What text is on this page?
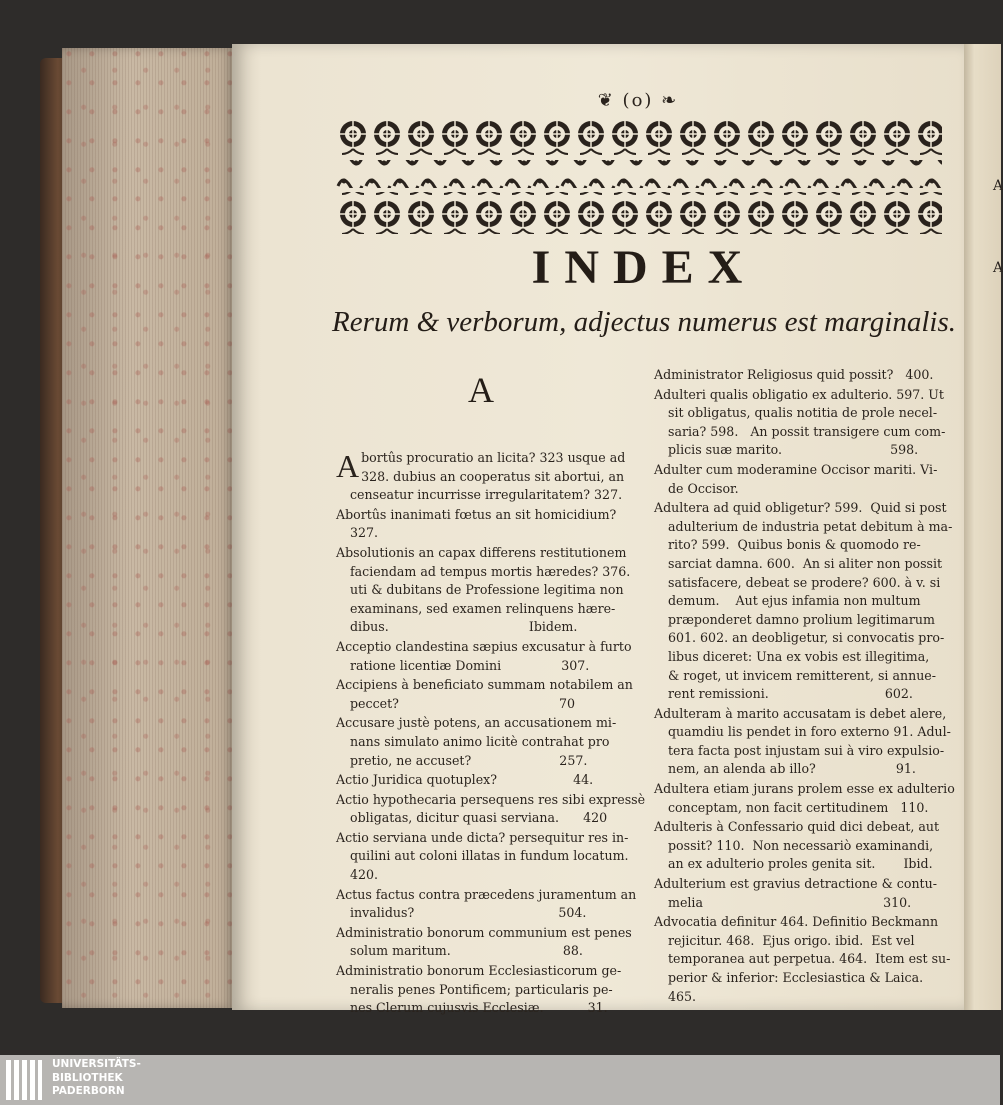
A
A
❦ (o) ❧
INDEX
Rerum & verborum, adjectus numerus est marginalis.
A
A bortûs procuratio an licita? 323 usque ad
328. dubius an cooperatus sit abortui, an
censeatur incurrisse irregularitatem? 327.
Abortûs inanimati fœtus an sit homicidium?
327.
Absolutionis an capax differens restitutionem
faciendam ad tempus mortis hæredes? 376.
uti & dubitans de Professione legitima non
examinans, sed examen relinquens hære-
dibus.                                   Ibidem.
Acceptio clandestina sæpius excusatur à furto
ratione licentiæ Domini               307.
Accipiens à beneficiato summam notabilem an
peccet?                                        70
Accusare justè potens, an accusationem mi-
nans simulato animo licitè contrahat pro
pretio, ne accuset?                      257.
Actio Juridica quotuplex?                   44.
Actio hypothecaria persequens res sibi expressè
obligatas, dicitur quasi serviana.      420
Actio serviana unde dicta? persequitur res in-
quilini aut coloni illatas in fundum locatum.
420.
Actus factus contra præcedens juramentum an
invalidus?                                    504.
Administratio bonorum communium est penes
solum maritum.                            88.
Administratio bonorum Ecclesiasticorum ge-
neralis penes Pontificem; particularis pe-
nes Clerum cujusvis Ecclesiæ.           31.
Administrator Religiosus quid possit?   400.
Adulteri qualis obligatio ex adulterio. 597. Ut
sit obligatus, qualis notitia de prole necel-
saria? 598.   An possit transigere cum com-
plicis suæ marito.                           598.
Adulter cum moderamine Occisor mariti. Vi-
de Occisor.
Adultera ad quid obligetur? 599.  Quid si post
adulterium de industria petat debitum à ma-
rito? 599.  Quibus bonis & quomodo re-
sarciat damna. 600.  An si aliter non possit
satisfacere, debeat se prodere? 600. à v. si
demum.    Aut ejus infamia non multum
præponderet damno prolium legitimarum
601. 602. an deobligetur, si convocatis pro-
libus diceret: Una ex vobis est illegitima,
& roget, ut invicem remitterent, si annue-
rent remissioni.                             602.
Adulteram à marito accusatam is debet alere,
quamdiu lis pendet in foro externo 91. Adul-
tera facta post injustam sui à viro expulsio-
nem, an alenda ab illo?                    91.
Adultera etiam jurans prolem esse ex adulterio
conceptam, non facit certitudinem   110.
Adulteris à Confessario quid dici debeat, aut
possit? 110.  Non necessariò examinandi,
an ex adulterio proles genita sit.       Ibid.
Adulterium est gravius detractione & contu-
melia                                             310.
Advocatia definitur 464. Definitio Beckmann
rejicitur. 468.  Ejus origo. ibid.  Est vel
temporanea aut perpetua. 464.  Item est su-
perior & inferior: Ecclesiastica & Laica.
465.
UNIVERSITÄTS-
BIBLIOTHEK
PADERBORN
